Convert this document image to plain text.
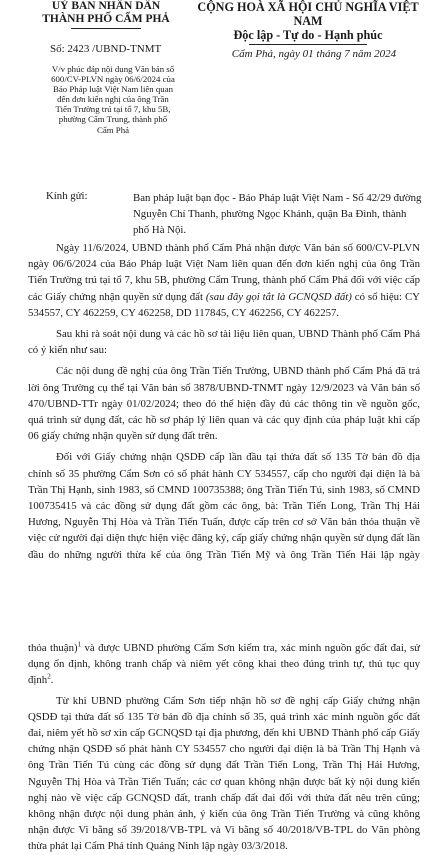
UỶ BAN NHÂN DÂN
THÀNH PHỐ CẨM PHẢ
CỘNG HOÀ XÃ HỘI CHỦ NGHĨA VIỆT NAM
Độc lập - Tự do - Hạnh phúc
Số: 2423 /UBND-TNMT	Cẩm Phả, ngày 01 tháng 7 năm 2024
V/v phúc đáp nội dung Văn bản số 600/CV-PLVN ngày 06/6/2024 của Báo Pháp luật Việt Nam liên quan đến đơn kiến nghị của ông Trần Tiến Trường trú tại tổ 7, khu 5B, phường Cẩm Trung, thành phố Cẩm Phả
Kính gửi:	Ban pháp luật bạn đọc - Báo Pháp luật Việt Nam - Số 42/29 đường Nguyễn Chí Thanh, phường Ngọc Khánh, quận Ba Đình, thành phố Hà Nội.

Ngày 11/6/2024, UBND thành phố Cẩm Phả nhận được Văn bản số 600/CV-PLVN ngày 06/6/2024 của Báo Pháp luật Việt Nam liên quan đến đơn kiến nghị của ông Trần Tiến Trường trú tại tổ 7, khu 5B, phường Cẩm Trung, thành phố Cẩm Phả đối với việc cấp các Giấy chứng nhận quyền sử dụng đất (sau đây gọi tắt là GCNQSD đất) có số hiệu: CY 534557, CY 462259, CY 462258, DD 117845, CY 462256, CY 462257.

Sau khi rà soát nội dung và các hồ sơ tài liệu liên quan, UBND Thành phố Cẩm Phả có ý kiến như sau:

Các nội dung đề nghị của ông Trần Tiến Trường, UBND thành phố Cẩm Phả đã trả lời ông Trường cụ thể tại Văn bản số 3878/UBND-TNMT ngày 12/9/2023 và Văn bản số 470/UBND-TTr ngày 01/02/2024; theo đó thể hiện đầy đủ các thông tin về nguồn gốc, quá trình sử dụng đất, các hồ sơ pháp lý liên quan và các quy định của pháp luật khi cấp 06 giấy chứng nhận quyền sử dụng đất trên.

Đối với Giấy chứng nhận QSDĐ cấp lần đầu tại thửa đất số 135 Tờ bản đồ địa chính số 35 phường Cẩm Sơn có số phát hành CY 534557, cấp cho người đại diện là bà Trần Thị Hạnh, sinh 1983, số CMND 100735388; ông Trần Tiến Tú, sinh 1983, số CMND 100735415 và các đồng sử dụng đất gồm các ông, bà: Trần Tiến Long, Trần Thị Hải Hương, Nguyễn Thị Hòa và Trần Tiến Tuấn, được cấp trên cơ sở Văn bản thỏa thuận về việc cử người đại diện thực hiện việc đăng ký, cấp giấy chứng nhận quyền sử dụng đất lần đầu do những người thừa kế của ông Trần Tiến Mỹ và ông Trần Tiến Hải lập ngày

thỏa thuận)$^1$ và được UBND phường Cẩm Sơn kiểm tra, xác minh nguồn gốc đất đai, sử dụng ổn định, không tranh chấp và niêm yết công khai theo đúng trình tự, thủ tục quy định$^2$.

Từ khi UBND phường Cẩm Sơn tiếp nhận hồ sơ đề nghị cấp Giấy chứng nhận QSDĐ tại thửa đất số 135 Tờ bản đồ địa chính số 35, quá trình xác minh nguồn gốc đất đai, niêm yết hồ sơ xin cấp GCNQSD tại địa phương, đến khi UBND Thành phố cấp Giấy chứng nhận QSDĐ số phát hành CY 534557 cho người đại diện là bà Trần Thị Hạnh và ông Trần Tiến Tú cùng các đồng sử dụng đất Trần Tiến Long, Trần Thị Hải Hương, Nguyễn Thị Hòa và Trần Tiến Tuấn; các cơ quan không nhận được bất kỳ nội dung kiến nghị nào về việc cấp GCNQSD đất, tranh chấp đất đai đối với thửa đất nêu trên cũng; không nhận được nội dung phản ánh, ý kiến của ông Trần Tiến Trường và cũng không nhận được Vi bằng số 39/2018/VB-TPL và Vi bằng số 40/2018/VB-TPL do Văn phòng thừa phát lại Cẩm Phả tỉnh Quảng Ninh lập ngày 03/3/2018.
